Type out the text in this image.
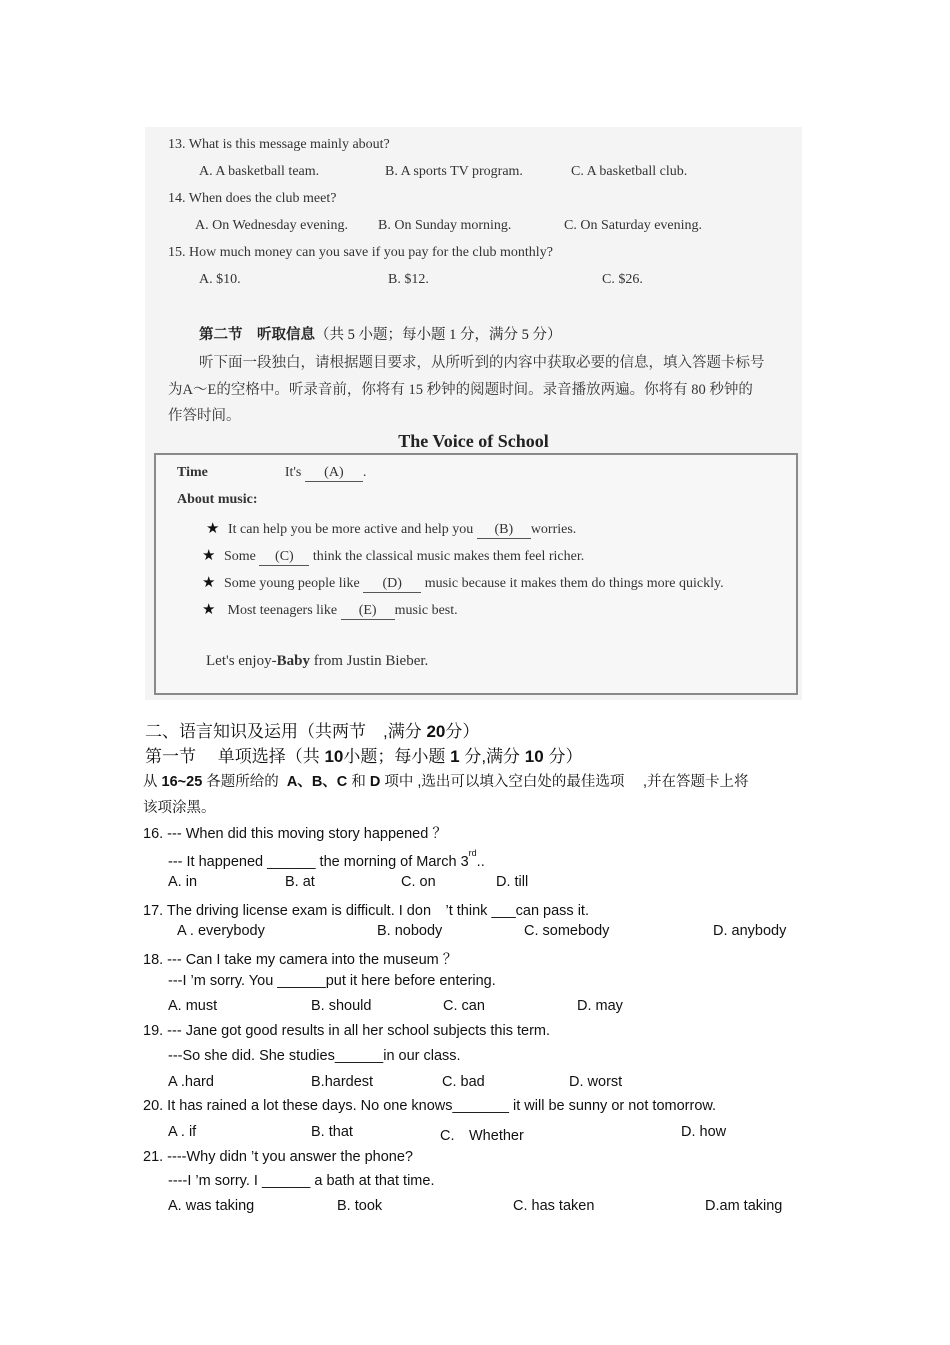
13. What is this message mainly about?
A. A basketball team.	B. A sports TV program.	C. A basketball club.
14. When does the club meet?
A. On Wednesday evening. B. On Sunday morning.	C. On Saturday evening.
15. How much money can you save if you pay for the club monthly?
A. $10.	B. $12.	C. $26.
第二节　听取信息（共 5 小题；每小题 1 分，满分 5 分）
听下面一段独白，请根据题目要求，从所听到的内容中获取必要的信息，填入答题卡标号
为A～E的空格中。听录音前，你将有 15 秒钟的阅题时间。录音播放两遍。你将有 80 秒钟的
作答时间。
The Voice of School
Time	It's (A) .
About music:
★ It can help you be more active and help you (B) worries.
★ Some (C) think the classical music makes them feel richer.
★ Some young people like (D) music because it makes them do things more quickly.
★ Most teenagers like (E) music best.
Let's enjoy-Baby from Justin Bieber.
二、语言知识及运用（共两节　,满分 20分）
第一节　 单项选择（共 10小题；每小题 1 分,满分 10 分）
从 16~25 各题所给的 A、B、C 和 D 项中 ,选出可以填入空白处的最佳选项　 ,并在答题卡上将
该项涂黑。
16. --- When did this moving story happened ？
--- It happened ______ the morning of March 3rd..
A. in	B. at	C. on	D. till
17. The driving license exam is difficult. I don　’t think ___can pass it.
A . everybody	B. nobody	C. somebody	D. anybody
18. --- Can I take my camera into the museum ？
---I ’m sorry. You ______put it here before entering.
A. must	B. should	C. can	D. may
19. --- Jane got good results in all her school subjects this term.
---So she did. She studies______in our class.
A .hard	B.hardest	C. bad	D. worst
20. It has rained a lot these days. No one knows_______ it will be sunny or not tomorrow.
A . if	B. that	C.　Whether	D. how
21. ----Why didn ’t you answer the phone?
----I ’m sorry. I ______ a bath at that time.
A. was taking	B. took	C. has taken	D.am taking
